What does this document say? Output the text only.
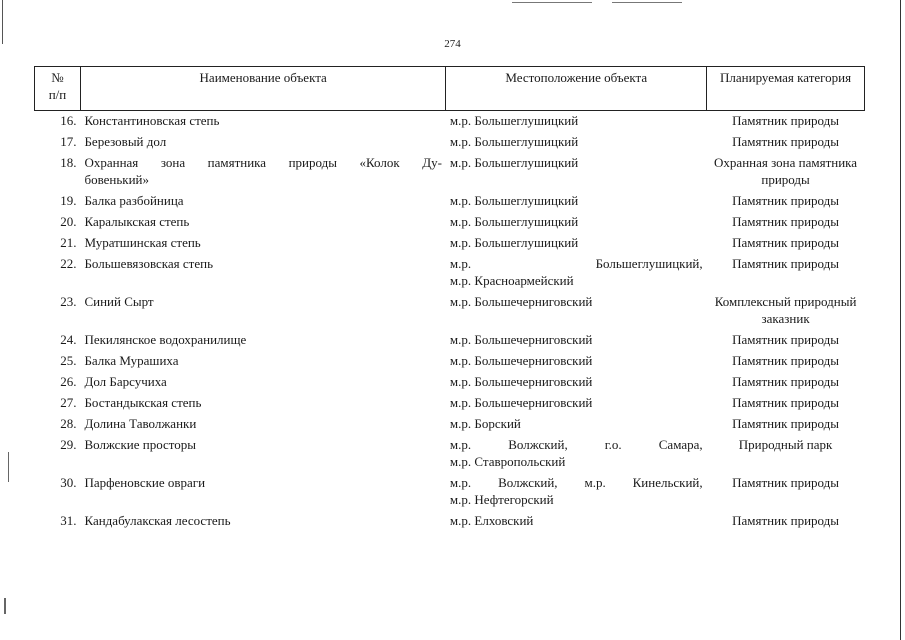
274
№
п/п	Наименование объекта	Местоположение объекта	Планируемая категория
16.	Константиновская степь	м.р. Большеглушицкий	Памятник природы
17.	Березовый дол	м.р. Большеглушицкий	Памятник природы
18.	Охранная зона памятника природы «Колок Ду-
бовенький»	м.р. Большеглушицкий	Охранная зона памятника природы
19.	Балка разбойница	м.р. Большеглушицкий	Памятник природы
20.	Каралыкская степь	м.р. Большеглушицкий	Памятник природы
21.	Муратшинская степь	м.р. Большеглушицкий	Памятник природы
22.	Большевязовская степь	м.р. Большеглушицкий,
м.р. Красноармейский	Памятник природы
23.	Синий Сырт	м.р. Большечерниговский	Комплексный природный заказник
24.	Пекилянское водохранилище	м.р. Большечерниговский	Памятник природы
25.	Балка Мурашиха	м.р. Большечерниговский	Памятник природы
26.	Дол Барсучиха	м.р. Большечерниговский	Памятник природы
27.	Бостандыкская степь	м.р. Большечерниговский	Памятник природы
28.	Долина Таволжанки	м.р. Борский	Памятник природы
29.	Волжские просторы	м.р. Волжский, г.о. Самара,
м.р. Ставропольский	Природный парк
30.	Парфеновские овраги	м.р. Волжский, м.р. Кинельский,
м.р. Нефтегорский	Памятник природы
31.	Кандабулакская лесостепь	м.р. Елховский	Памятник природы
